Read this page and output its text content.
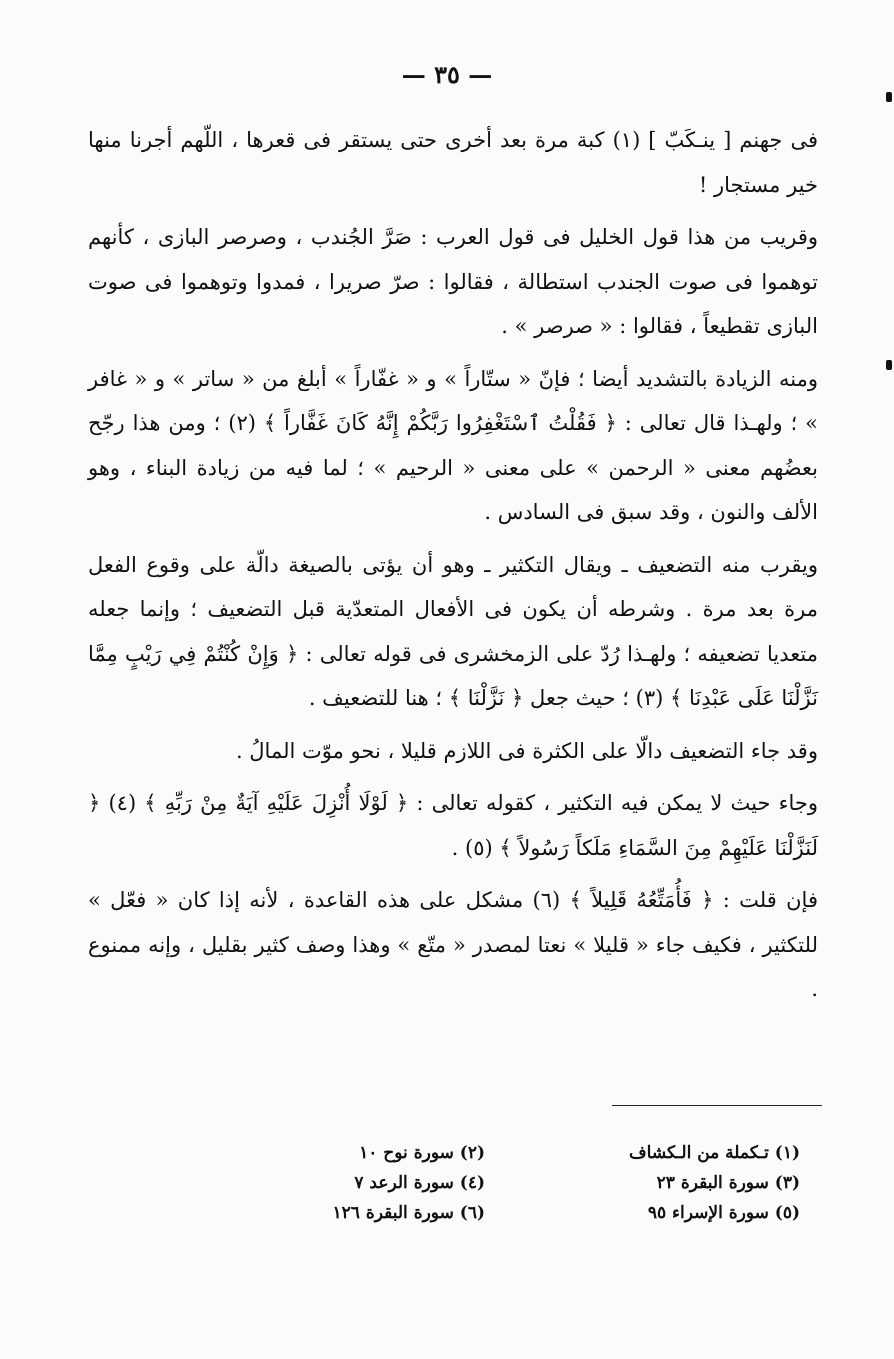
— ٣٥ —

فى جهنم [ ينـكَبّ ] (١) كبة مرة بعد أخرى حتى يستقر فى قعرها ، اللّهم أجرنا منها خير مستجار !

وقريب من هذا قول الخليل فى قول العرب : صَرَّ الجُندب ، وصرصر البازى ، كأنهم توهموا فى صوت الجندب استطالة ، فقالوا : صرّ صريرا ، فمدوا وتوهموا فى صوت البازى تقطيعاً ، فقالوا : « صرصر » .

ومنه الزيادة بالتشديد أيضا ؛ فإنّ « ستّاراً » و « غفّاراً » أبلغ من « ساتر » و « غافر » ؛ ولهـذا قال تعالى : ﴿ فَقُلْتُ ٱسْتَغْفِرُوا رَبَّكُمْ إِنَّهُ كَانَ غَفَّاراً ﴾ (٢) ؛ ومن هذا رجّح بعضُهم معنى « الرحمن » على معنى « الرحيم » ؛ لما فيه من زيادة البناء ، وهو الألف والنون ، وقد سبق فى السادس .

ويقرب منه التضعيف ـ ويقال التكثير ـ وهو أن يؤتى بالصيغة دالّة على وقوع الفعل مرة بعد مرة . وشرطه أن يكون فى الأفعال المتعدّية قبل التضعيف ؛ وإنما جعله متعديا تضعيفه ؛ ولهـذا رُدّ على الزمخشرى فى قوله تعالى : ﴿ وَإِنْ كُنْتُمْ فِي رَيْبٍ مِمَّا نَزَّلْنَا عَلَى عَبْدِنَا ﴾ (٣) ؛ حيث جعل ﴿ نَزَّلْنَا ﴾ ؛ هنا للتضعيف .

وقد جاء التضعيف دالّا على الكثرة فى اللازم قليلا ، نحو موّت المالُ .

وجاء حيث لا يمكن فيه التكثير ، كقوله تعالى : ﴿ لَوْلَا أُنْزِلَ عَلَيْهِ آيَةٌ مِنْ رَبِّهِ ﴾ (٤) ﴿ لَنَزَّلْنَا عَلَيْهِمْ مِنَ السَّمَاءِ مَلَكاً رَسُولاً ﴾ (٥) .

فإن قلت : ﴿ فَأُمَتِّعُهُ قَلِيلاً ﴾ (٦) مشكل على هذه القاعدة ، لأنه إذا كان « فعّل » للتكثير ، فكيف جاء « قليلا » نعتا لمصدر « متّع » وهذا وصف كثير بقليل ، وإنه ممنوع .

(١) تـكملة من الـكشاف
(٢) سورة نوح ١٠
(٣) سورة البقرة ٢٣
(٤) سورة الرعد ٧
(٥) سورة الإسراء ٩٥
(٦) سورة البقرة ١٢٦
